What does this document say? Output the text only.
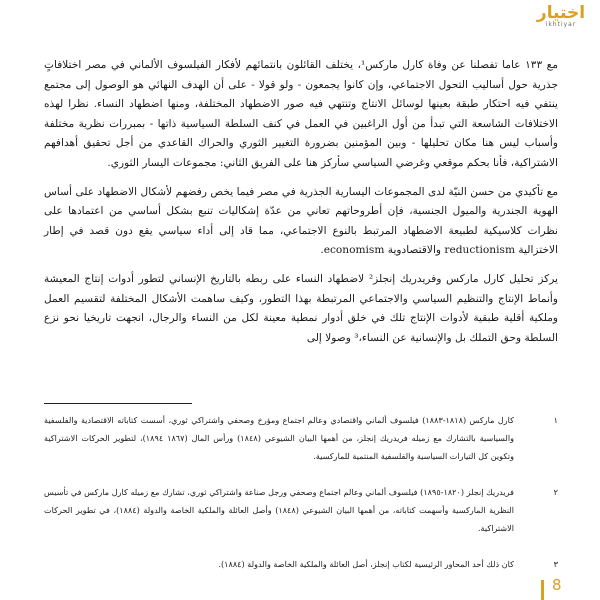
اختيار
ikhtiyar

مع ١٣٣ عاما تفصلنا عن وفاة كارل ماركس¹، يختلف القائلون بانتمائهم لأفكار الفيلسوف الألماني في مصر اختلافاتٍ جذرية حول أساليب التحول الاجتماعي، وإن كانوا يجمعون - ولو قولا - على أن الهدف النهائي هو الوصول إلى مجتمع ينتفي فيه احتكار طبقة بعينها لوسائل الانتاج وتنتهي فيه صور الاضطهاد المختلفة، ومنها اضطهاد النساء. نظرا لهذه الاختلافات الشاسعة التي تبدأ من أول الراغبين في العمل في كنف السلطة السياسية ذاتها - بمبررات نظرية مختلفة وأسباب ليس هنا مكان تحليلها - وبين المؤمنين بضرورة التغيير الثوري والحراك القاعدي من أجل تحقيق أهدافهم الاشتراكية، فأنا بحكم موقعي وغرضي السياسي سأركز هنا على الفريق الثاني: مجموعات اليسار الثوري.

مع تأكيدي من حسن النيّة لدى المجموعات اليسارية الجذرية في مصر فيما يخص رفضهم لأشكال الاضطهاد على أساس الهوية الجندرية والميول الجنسية، فإن أطروحاتهم تعاني من عدّة إشكاليات تنبع بشكل أساسي من اعتمادها على نظرات كلاسيكية لطبيعة الاضطهاد المرتبط بالنوع الاجتماعي، مما قاد إلى أداء سياسي يقع دون قصد في إطار الاختزالية reductionism والاقتصادوية economism.

يركز تحليل كارل ماركس وفريدريك إنجلز² لاضطهاد النساء على ربطه بالتاريخ الإنساني لتطور أدوات إنتاج المعيشة وأنماط الإنتاج والتنظيم السياسي والاجتماعي المرتبطة بهذا التطور، وكيف ساهمت الأشكال المختلفة لتقسيم العمل وملكية أقلية طبقية لأدوات الإنتاج تلك في خلق أدوار نمطية معينة لكل من النساء والرجال، انجهت تاريخيا نحو نزع السلطة وحق التملك بل والإنسانية عن النساء،³ وصولا إلى

١
كارل ماركس (١٨١٨-١٨٨٣) فيلسوف ألماني واقتصادي وعالم اجتماع ومؤرخ وصحفي واشتراكي ثوري، أسست كتاباته الاقتصادية والفلسفية والسياسية بالتشارك مع زميله فريدريك إنجلز، من أهمها البيان الشيوعي (١٨٤٨) ورأس المال (١٨٦٧ ١٨٩٤)، لتطوير الحركات الاشتراكية وتكوين كل التيارات السياسية والفلسفية المنتمية للماركسية.
٢
فريدريك إنجلز (١٨٢٠-١٨٩٥) فيلسوف ألماني وعالم اجتماع وصحفي ورجل صناعة واشتراكي ثوري، تشارك مع زميله كارل ماركس في تأسيس النظرية الماركسية وأسهمت كتاباته، من أهمها البيان الشيوعي (١٨٤٨) وأصل العائلة والملكية الخاصة والدولة (١٨٨٤)، في تطوير الحركات الاشتراكية.
٣
كان ذلك أحد المحاور الرئيسية لكتاب إنجلز، أصل العائلة والملكية الخاصة والدولة (١٨٨٤).
8
